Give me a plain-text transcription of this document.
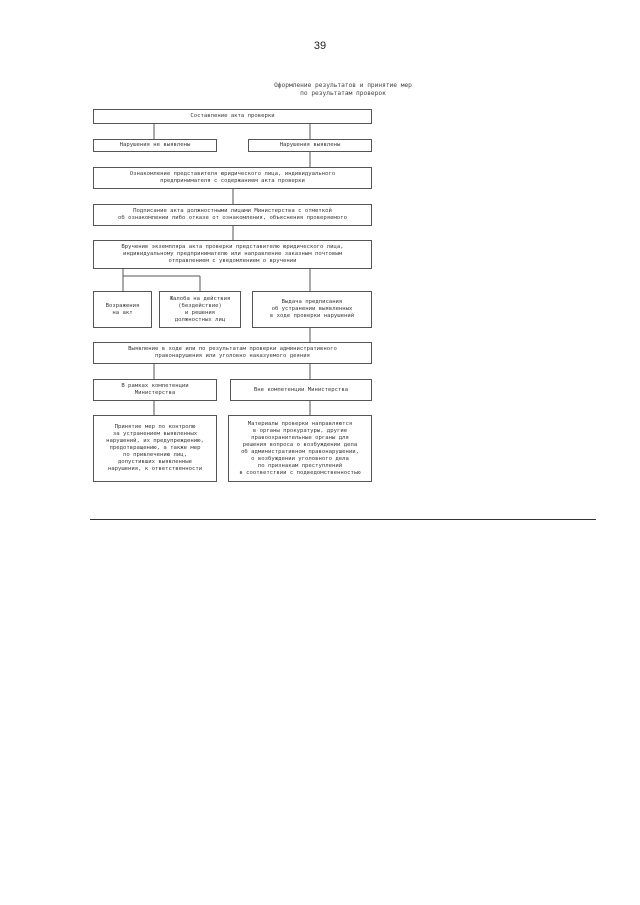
39
Оформление результатов и принятие мер
по результатам проверок
Составление акта проверки
Нарушения не выявлены	Нарушения выявлены
Ознакомление представителя юридического лица, индивидуального
предпринимателя с содержанием акта проверки
Подписание акта должностными лицами Министерства с отметкой
об ознакомлении либо отказе от ознакомления, объяснения проверяемого
Вручение экземпляра акта проверки представителю юридического лица,
индивидуальному предпринимателю или направление заказным почтовым
отправлением с уведомлением о вручении
Возражения
на акт
Жалоба на действия
(бездействие)
и решения
должностных лиц
Выдача предписания
об устранении выявленных
в ходе проверки нарушений
Выявление в ходе или по результатам проверки административного
правонарушения или уголовно наказуемого деяния
В рамках компетенции
Министерства
Вне компетенции Министерства
Принятие мер по контролю
за устранением выявленных
нарушений, их предупреждению,
предотвращению, а также мер
по привлечению лиц,
допустивших выявленные
нарушения, к ответственности
Материалы проверки направляются
в органы прокуратуры, другие
правоохранительные органы для
решения вопроса о возбуждении дела
об административном правонарушении,
о возбуждении уголовного дела
по признакам преступлений
в соответствии с подведомственностью
